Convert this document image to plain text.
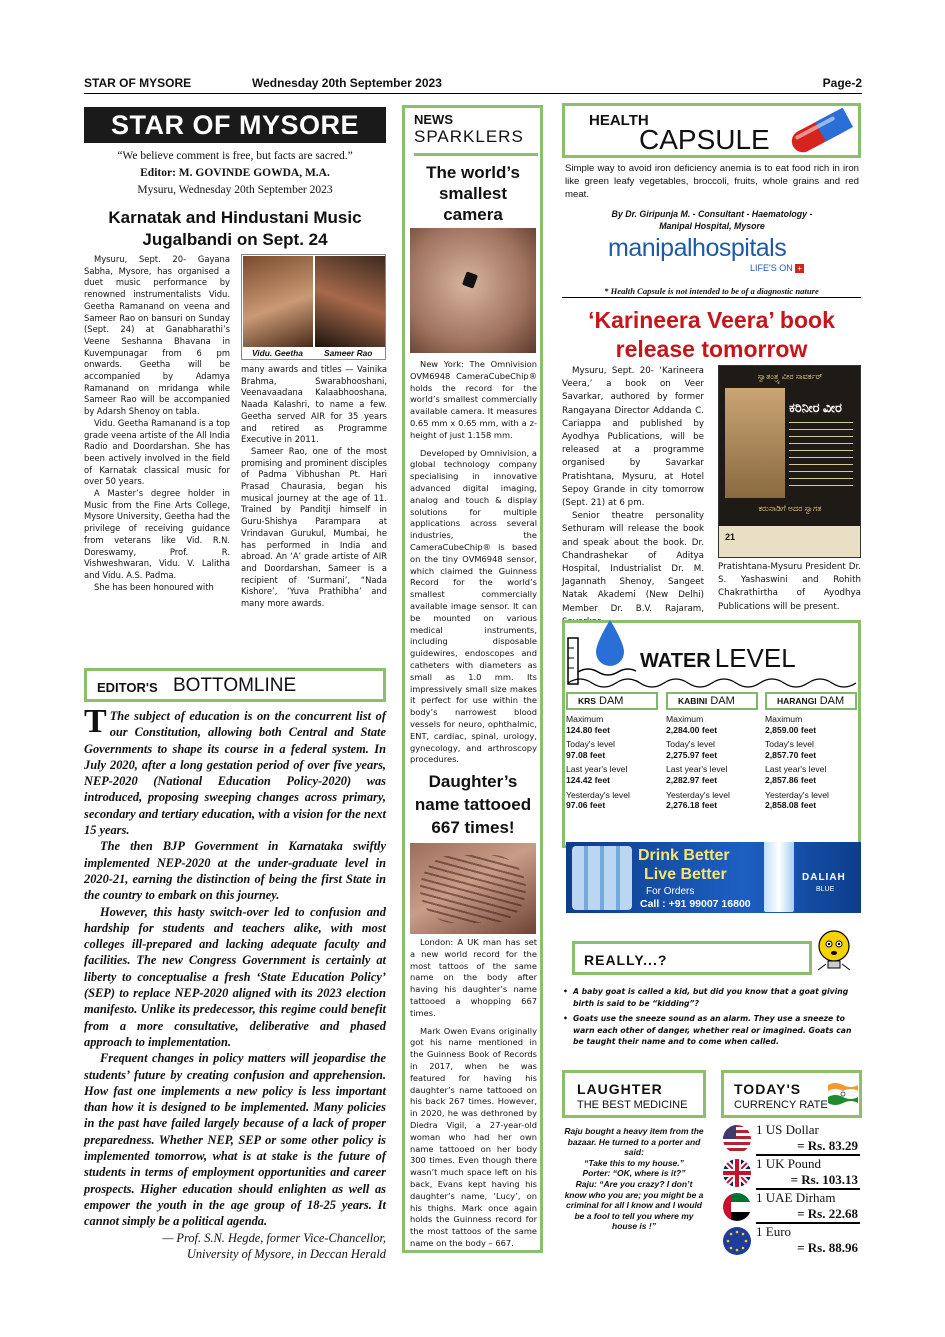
STAR OF MYSORE	Wednesday 20th September 2023	Page-2
STAR OF MYSORE
“We believe comment is free, but facts are sacred.”
Editor: M. GOVINDE GOWDA, M.A.
Mysuru, Wednesday 20th September 2023
Karnatak and Hindustani Music
Jugalbandi on Sept. 24

Mysuru, Sept. 20- Gayana Sabha, Mysore, has organised a duet music performance by renowned instrumentalists Vidu. Geetha Ramanand on veena and Sameer Rao on bansuri on Sunday (Sept. 24) at Ganabharathi’s Veene Seshanna Bhavana in Kuvempunagar from 6 pm onwards. Geetha will be accompanied by Adamya Ramanand on mridanga while Sameer Rao will be accompanied by Adarsh Shenoy on tabla.

Vidu. Geetha Ramanand is a top grade veena artiste of the All India Radio and Doordarshan. She has been actively involved in the field of Karnatak classical music for over 50 years.

A Master’s degree holder in Music from the Fine Arts College, Mysore University, Geetha had the privilege of receiving guidance from veterans like Vid. R.N. Doreswamy, Prof. R. Vishweshwaran, Vidu. V. Lalitha and Vidu. A.S. Padma.

She has been honoured with

Vidu. Geetha	Sameer Rao

many awards and titles — Vainika Brahma, Swarabhooshani, Veenavaadana Kalaabhooshana, Naada Kalashri, to name a few. Geetha served AIR for 35 years and retired as Programme Executive in 2011.

Sameer Rao, one of the most promising and prominent disciples of Padma Vibhushan Pt. Hari Prasad Chaurasia, began his musical journey at the age of 11. Trained by Panditji himself in Guru-Shishya Parampara at Vrindavan Gurukul, Mumbai, he has performed in India and abroad. An ‘A’ grade artiste of AIR and Doordarshan, Sameer is a recipient of ‘Surmani’, “Nada Kishore’, ‘Yuva Prathibha’ and many more awards.

EDITOR'S BOTTOMLINE

T The subject of education is on the concurrent list of our Constitution, allowing both Central and State Governments to shape its course in a federal system. In July 2020, after a long gestation period of over five years, NEP-2020 (National Education Policy-2020) was introduced, proposing sweeping changes across primary, secondary and tertiary education, with a vision for the next 15 years.

The then BJP Government in Karnataka swiftly implemented NEP-2020 at the under-graduate level in 2020-21, earning the distinction of being the first State in the country to embark on this journey.

However, this hasty switch-over led to confusion and hardship for students and teachers alike, with most colleges ill-prepared and lacking adequate faculty and facilities. The new Congress Government is certainly at liberty to conceptualise a fresh ‘State Education Policy’ (SEP) to replace NEP-2020 aligned with its 2023 election manifesto. Unlike its predecessor, this regime could benefit from a more consultative, deliberative and phased approach to implementation.

Frequent changes in policy matters will jeopardise the students’ future by creating confusion and apprehension. How fast one implements a new policy is less important than how it is designed to be implemented. Many policies in the past have failed largely because of a lack of proper preparedness. Whether NEP, SEP or some other policy is implemented tomorrow, what is at stake is the future of students in terms of employment opportunities and career prospects. Higher education should enlighten as well as empower the youth in the age group of 18-25 years. It cannot simply be a political agenda.

— Prof. S.N. Hegde, former Vice-Chancellor,
University of Mysore, in Deccan Herald
NEWS
SPARKLERS
The world’s smallest camera

New York: The Omnivision OVM6948 CameraCubeChip® holds the record for the world’s smallest commercially available camera. It measures 0.65 mm x 0.65 mm, with a z-height of just 1.158 mm.

Developed by Omnivision, a global technology company specialising in innovative advanced digital imaging, analog and touch & display solutions for multiple applications across several industries, the CameraCubeChip® is based on the tiny OVM6948 sensor, which claimed the Guinness Record for the world’s smallest commercially available image sensor. It can be mounted on various medical instruments, including disposable guidewires, endoscopes and catheters with diameters as small as 1.0 mm. Its impressively small size makes it perfect for use within the body’s narrowest blood vessels for neuro, ophthalmic, ENT, cardiac, spinal, urology, gynecology, and arthroscopy procedures.

Daughter’s name tattooed 667 times!

London: A UK man has set a new world record for the most tattoos of the same name on the body after having his daughter’s name tattooed a whopping 667 times.

Mark Owen Evans originally got his name mentioned in the Guinness Book of Records in 2017, when he was featured for having his daughter’s name tattooed on his back 267 times. However, in 2020, he was dethroned by Diedra Vigil, a 27-year-old woman who had her own name tattooed on her body 300 times. Even though there wasn’t much space left on his back, Evans kept having his daughter’s name, ‘Lucy’, on his thighs. Mark once again holds the Guinness record for the most tattoos of the same name on the body – 667.

HEALTH
CAPSULE
Simple way to avoid iron deficiency anemia is to eat food rich in iron like green leafy vegetables, broccoli, fruits, whole grains and red meat.
By Dr. Giripunja M. - Consultant - Haematology -
Manipal Hospital, Mysore
manipalhospitals
LIFE'S ON +
* Health Capsule is not intended to be of a diagnostic nature
‘Karineera Veera’ book
release tomorrow

Mysuru, Sept. 20- ‘Karineera Veera,’ a book on Veer Savarkar, authored by former Rangayana Director Addanda C. Cariappa and published by Ayodhya Publications, will be released at a programme organised by Savarkar Pratishtana, Mysuru, at Hotel Sepoy Grande in city tomorrow (Sept. 21) at 6 pm.

Senior theatre personality Sethuram will release the book and speak about the book. Dr. Chandrashekar of Aditya Hospital, Industrialist Dr. M. Jagannath Shenoy, Sangeet Natak Akademi (New Delhi) Member Dr. B.V. Rajaram,

ಸ್ವಾತಂತ್ರ್ಯ ವೀರ ಸಾವರ್ಕರ್
ಕರಿನೀರ ವೀರ
ಕರುನಾಡಿಗೆ ಅದರ ಸ್ವಾಗತ
21
Pratishtana-Mysuru President Dr. S. Yashaswini and Rohith Chakrathirtha of Ayodhya Publications will be present.
WATER LEVEL
KRS DAM
Maximum
124.80 feet
Today's level
97.08 feet
Last year's level
124.42 feet
Yesterday's level
97.06 feet
KABINI DAM
Maximum
2,284.00 feet
Today's level
2,275.97 feet
Last year's level
2,282.97 feet
Yesterday's level
2,276.18 feet
HARANGI DAM
Maximum
2,859.00 feet
Today's level
2,857.70 feet
Last year's level
2,857.86 feet
Yesterday's level
2,858.08 feet
Drink Better
Live Better
For Orders
Call : +91 99007 16800
DALIAH
BLUE
REALLY...?
• A baby goat is called a kid, but did you know that a goat giving birth is said to be “kidding”?
• Goats use the sneeze sound as an alarm. They use a sneeze to warn each other of danger, whether real or imagined. Goats can be taught their name and to come when called.
LAUGHTER
THE BEST MEDICINE
Raju bought a heavy item from the bazaar. He turned to a porter and said:
“Take this to my house.”
Porter: “OK, where is it?”
Raju: “Are you crazy? I don’t know who you are; you might be a criminal for all I know and I would be a fool to tell you where my house is !”
TODAY'S
CURRENCY RATE
1 US Dollar
= Rs. 83.29
1 UK Pound
= Rs. 103.13
1 UAE Dirham
= Rs. 22.68
1 Euro
= Rs. 88.96
